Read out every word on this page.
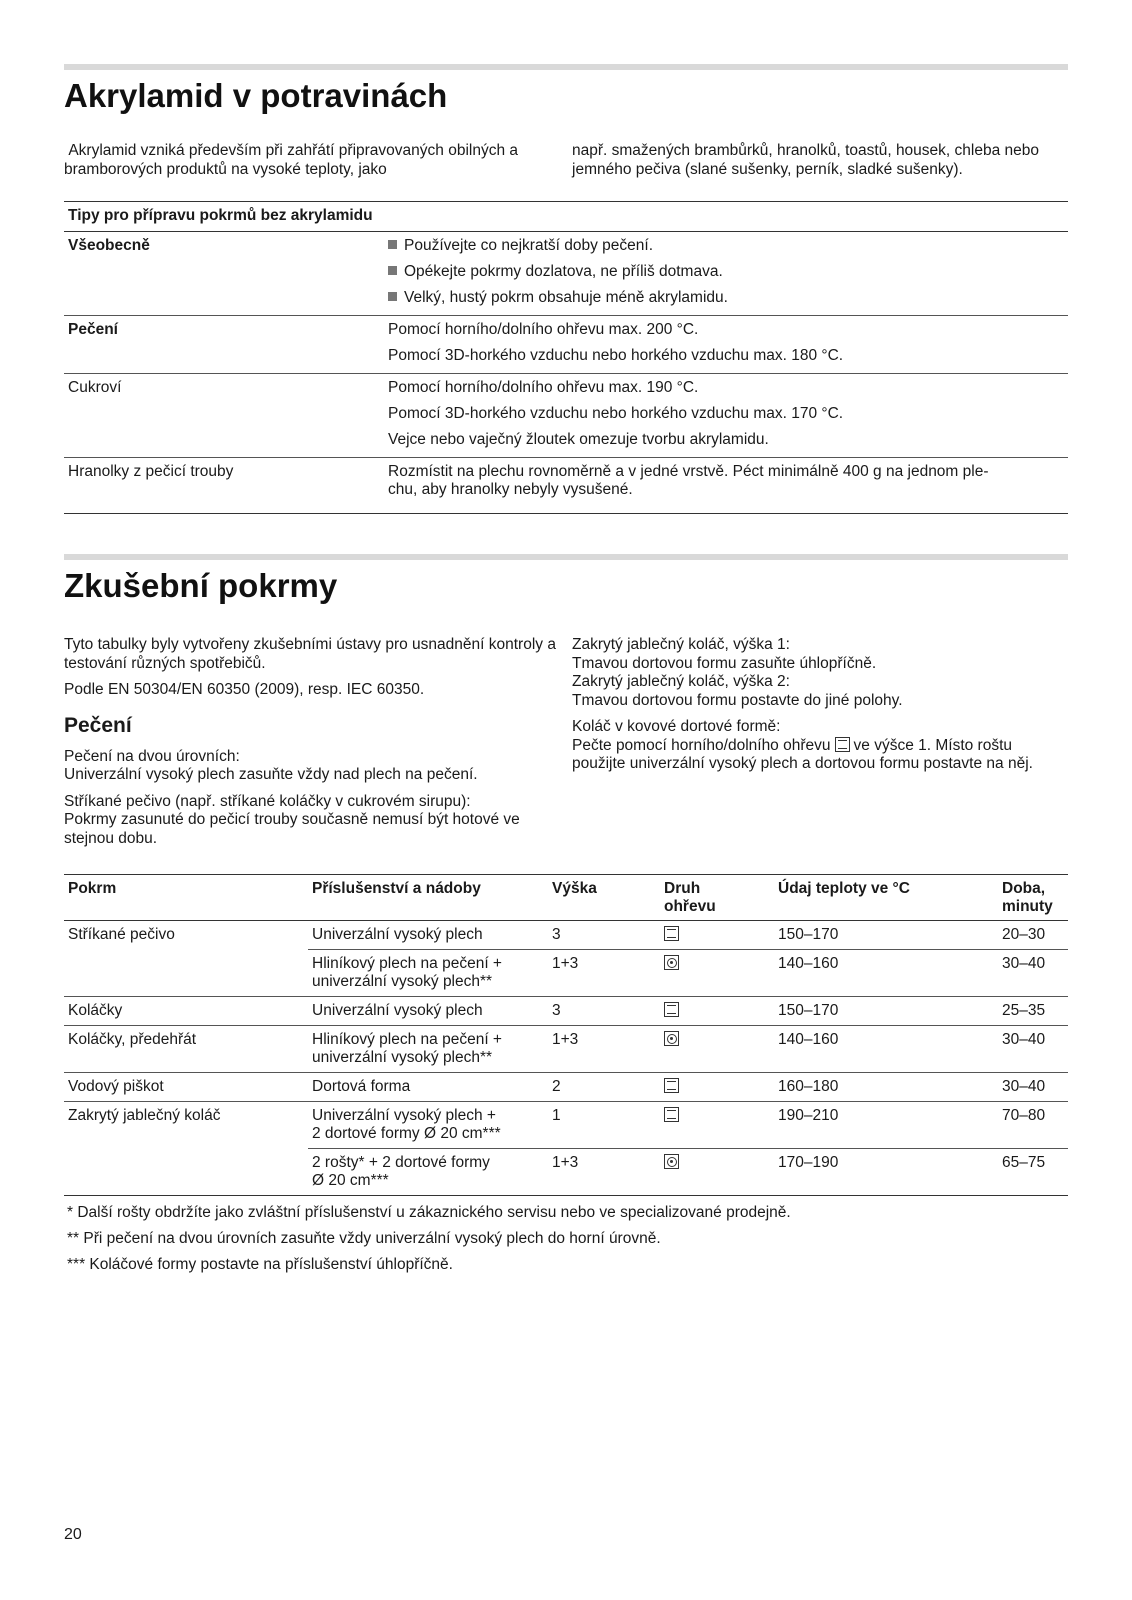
Akrylamid v potravinách
Akrylamid vzniká především při zahřátí připravovaných obilných a bramborových produktů na vysoké teploty, jako
např. smažených brambůrků, hranolků, toastů, housek, chleba nebo jemného pečiva (slané sušenky, perník, sladké sušenky).
Tipy pro přípravu pokrmů bez akrylamidu	
Všeobecně	Používejte co nejkratší doby pečení.

	Opékejte pokrmy dozlatova, ne příliš dotmava.

	Velký, hustý pokrm obsahuje méně akrylamidu.

Pečení	Pomocí horního/dolního ohřevu max. 200 °C.

	Pomocí 3D-horkého vzduchu nebo horkého vzduchu max. 180 °C.

Cukroví	Pomocí horního/dolního ohřevu max. 190 °C.

	Pomocí 3D-horkého vzduchu nebo horkého vzduchu max. 170 °C.

	Vejce nebo vaječný žloutek omezuje tvorbu akrylamidu.

Hranolky z pečicí trouby	Rozmístit na plechu rovnoměrně a v jedné vrstvě. Péct minimálně 400 g na jednom ple-
chu, aby hranolky nebyly vysušené.
Zkušební pokrmy

Tyto tabulky byly vytvořeny zkušebními ústavy pro usnadnění kontroly a testování různých spotřebičů.

Podle EN 50304/EN 60350 (2009), resp. IEC 60350.

Pečení

Pečení na dvou úrovních:
Univerzální vysoký plech zasuňte vždy nad plech na pečení.

Stříkané pečivo (např. stříkané koláčky v cukrovém sirupu):
Pokrmy zasunuté do pečicí trouby současně nemusí být hotové ve stejnou dobu.

Zakrytý jablečný koláč, výška 1:
Tmavou dortovou formu zasuňte úhlopříčně.
Zakrytý jablečný koláč, výška 2:
Tmavou dortovou formu postavte do jiné polohy.

Koláč v kovové dortové formě:
Pečte pomocí horního/dolního ohřevu ve výšce 1. Místo roštu použijte univerzální vysoký plech a dortovou formu postavte na něj.

Pokrm	Příslušenství a nádoby	Výška	Druh
ohřevu	Údaj teploty ve °C	Doba,
minuty
Stříkané pečivo	Univerzální vysoký plech	3		150–170	20–30
	Hliníkový plech na pečení +
univerzální vysoký plech**	1+3		140–160	30–40
Koláčky	Univerzální vysoký plech	3		150–170	25–35
Koláčky, předehřát	Hliníkový plech na pečení +
univerzální vysoký plech**	1+3		140–160	30–40
Vodový piškot	Dortová forma	2		160–180	30–40
Zakrytý jablečný koláč	Univerzální vysoký plech +
2 dortové formy Ø 20 cm***	1		190–210	70–80
	2 rošty* + 2 dortové formy
Ø 20 cm***	1+3		170–190	65–75
* Další rošty obdržíte jako zvláštní příslušenství u zákaznického servisu nebo ve specializované prodejně.
** Při pečení na dvou úrovních zasuňte vždy univerzální vysoký plech do horní úrovně.
*** Koláčové formy postavte na příslušenství úhlopříčně.
20
